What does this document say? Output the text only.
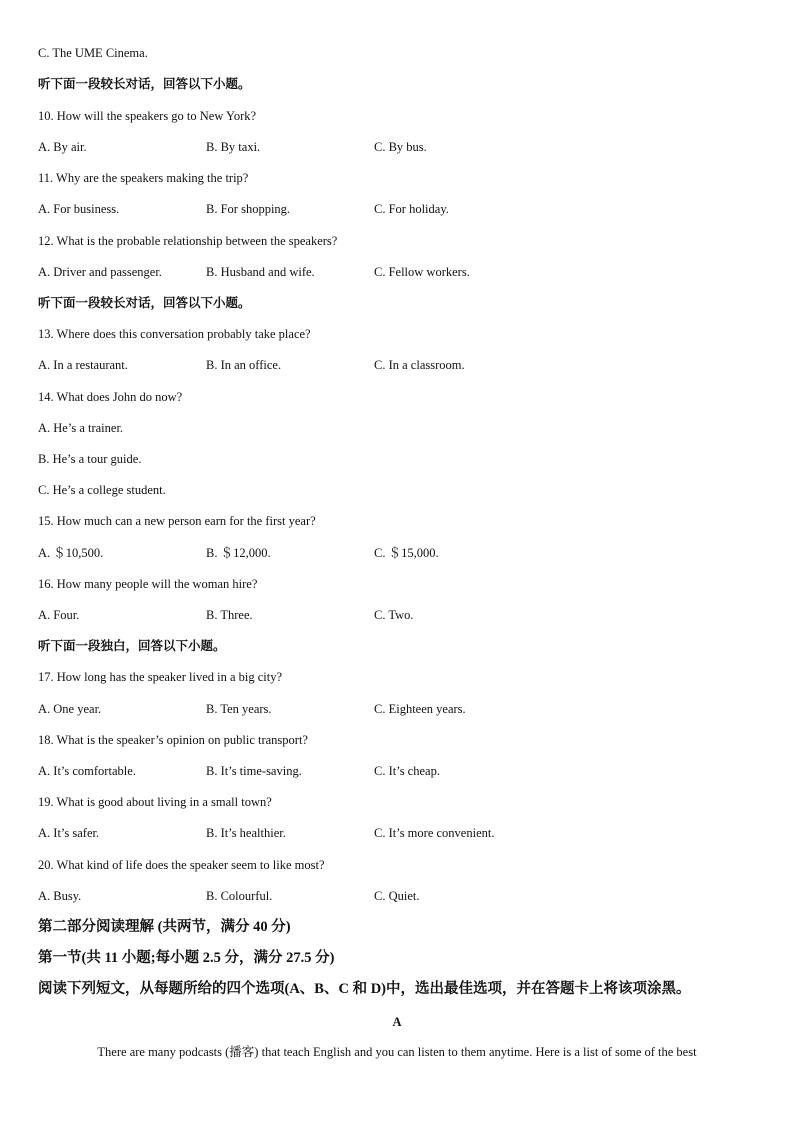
C. The UME Cinema.
听下面一段较长对话，回答以下小题。
10. How will the speakers go to New York?
A. By air.	B. By taxi.	C. By bus.
11. Why are the speakers making the trip?
A. For business.	B. For shopping.	C. For holiday.
12. What is the probable relationship between the speakers?
A. Driver and passenger.	B. Husband and wife.	C. Fellow workers.
听下面一段较长对话，回答以下小题。
13. Where does this conversation probably take place?
A. In a restaurant.	B. In an office.	C. In a classroom.
14. What does John do now?
A. He’s a trainer.
B. He’s a tour guide.
C. He’s a college student.
15. How much can a new person earn for the first year?
A. ＄10,500.	B. ＄12,000.	C. ＄15,000.
16. How many people will the woman hire?
A. Four.	B. Three.	C. Two.
听下面一段独白，回答以下小题。
17. How long has the speaker lived in a big city?
A. One year.	B. Ten years.	C. Eighteen years.
18. What is the speaker’s opinion on public transport?
A. It’s comfortable.	B. It’s time-saving.	C. It’s cheap.
19. What is good about living in a small town?
A. It’s safer.	B. It’s healthier.	C. It’s more convenient.
20. What kind of life does the speaker seem to like most?
A. Busy.	B. Colourful.	C. Quiet.
第二部分阅读理解 (共两节，满分 40 分)
第一节(共 11 小题;每小题 2.5 分，满分 27.5 分)
阅读下列短文，从每题所给的四个选项(A、B、C 和 D)中，选出最佳选项，并在答题卡上将该项涂黑。
A
There are many podcasts (播客) that teach English and you can listen to them anytime. Here is a list of some of the best
